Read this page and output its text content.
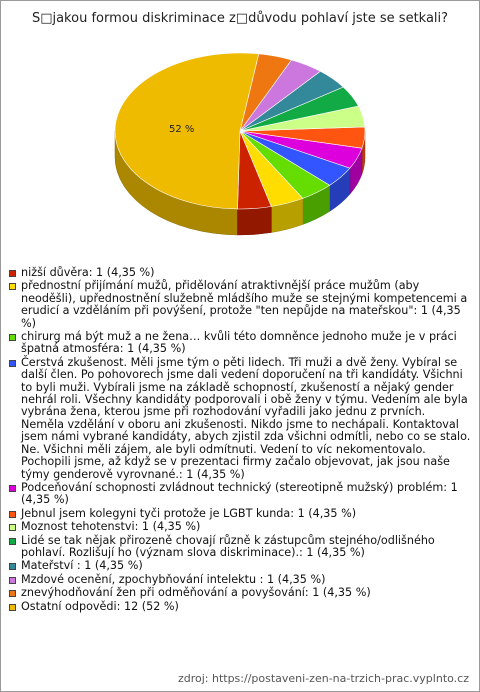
S□jakou formou diskriminace z□důvodu pohlaví jste se setkali?
52 %
nižší důvěra: 1 (4,35 %)
přednostní přijímání mužů, přidělování atraktivnější práce mužům (aby neoděšli), upřednostnění služebně mládšího muže se stejnými kompetencemi a erudicí a vzděláním při povýšení, protože "ten nepůjde na mateřskou": 1 (4,35 %)
chirurg má být muž a ne žena… kvůli této domněnce jednoho muže je v práci špatná atmosféra: 1 (4,35 %)
Čerstvá zkušenost. Měli jsme tým o pěti lidech. Tři muži a dvě ženy. Vybíral se další člen. Po pohovorech jsme dali vedení doporučení na tři kandidáty. Všichni to byli muži. Vybírali jsme na základě schopností, zkušeností a nějaký gender nehrál roli. Všechny kandidáty podporovali i obě ženy v týmu. Vedením ale byla vybrána žena, kterou jsme při rozhodování vyřadili jako jednu z prvních. Neměla vzdělání v oboru ani zkušenosti. Nikdo jsme to nechápali. Kontaktoval jsem námi vybrané kandidáty, abych zjistil zda všichni odmítli, nebo co se stalo. Ne. Všichni měli zájem, ale byli odmítnuti. Vedení to víc nekomentovalo. Pochopili jsme, až když se v prezentaci firmy začalo objevovat, jak jsou naše týmy genderově vyrovnané.: 1 (4,35 %)
Podceňování schopnosti zvládnout technický (stereotipně mužský) problém: 1 (4,35 %)
Jebnul jsem kolegyni tyči protože je LGBT kunda: 1 (4,35 %)
Moznost tehotenstvi: 1 (4,35 %)
Lidé se tak nějak přirozeně chovají různě k zástupcům stejného/odlišného pohlaví. Rozlišují ho (význam slova diskriminace).: 1 (4,35 %)
Mateřství : 1 (4,35 %)
Mzdové ocenění, zpochybňování intelektu : 1 (4,35 %)
znevýhodňování žen při odměňování a povyšování: 1 (4,35 %)
Ostatní odpovědi: 12 (52 %)
zdroj: https://postaveni-zen-na-trzich-prac.vyplnto.cz
